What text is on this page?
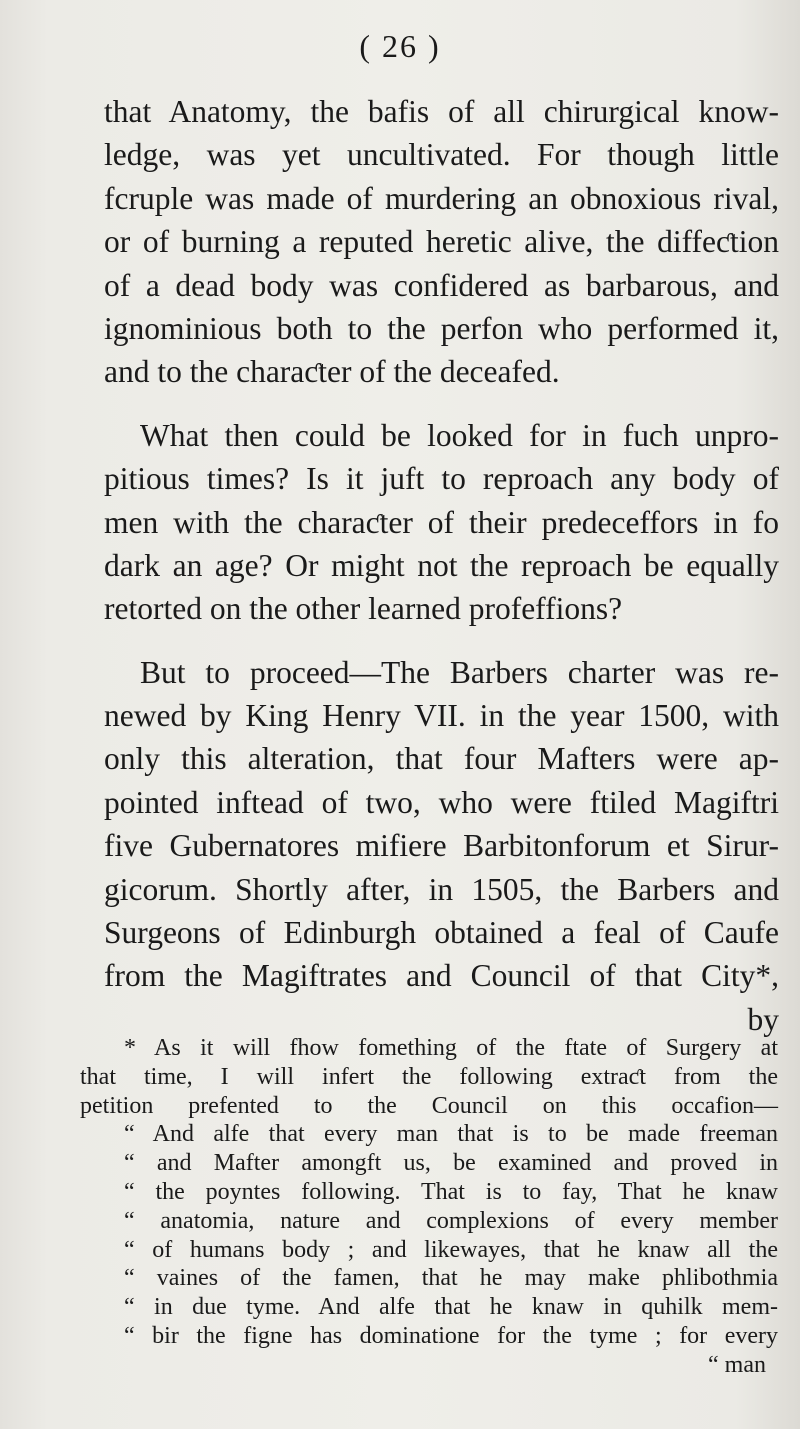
( 26 )
that Anatomy, the bafis of all chirurgical know-
ledge, was yet uncultivated. For though little
fcruple was made of murdering an obnoxious rival,
or of burning a reputed heretic alive, the diffeƈtion
of a dead body was confidered as barbarous, and
ignominious both to the perfon who performed it,
and to the charaƈter of the deceafed.
What then could be looked for in fuch unpro-
pitious times? Is it juft to reproach any body of
men with the charaƈter of their predeceffors in fo
dark an age? Or might not the reproach be equally
retorted on the other learned profeffions?
But to proceed—The Barbers charter was re-
newed by King Henry VII. in the year 1500, with
only this alteration, that four Mafters were ap-
pointed inftead of two, who were ftiled Magiftri
five Gubernatores mifiere Barbitonforum et Sirur-
gicorum. Shortly after, in 1505, the Barbers and
Surgeons of Edinburgh obtained a feal of Caufe
from the Magiftrates and Council of that City*,
by
* As it will fhow fomething of the ftate of Surgery at
that time, I will infert the following extraƈt from the
petition prefented to the Council on this occafion—
“ And alfe that every man that is to be made freeman
“ and Mafter amongft us, be examined and proved in
“ the poyntes following. That is to fay, That he knaw
“ anatomia, nature and complexions of every member
“ of humans body ; and likewayes, that he knaw all the
“ vaines of the famen, that he may make phlibothmia
“ in due tyme. And alfe that he knaw in quhilk mem-
“ bir the figne has dominatione for the tyme ; for every
“ man
